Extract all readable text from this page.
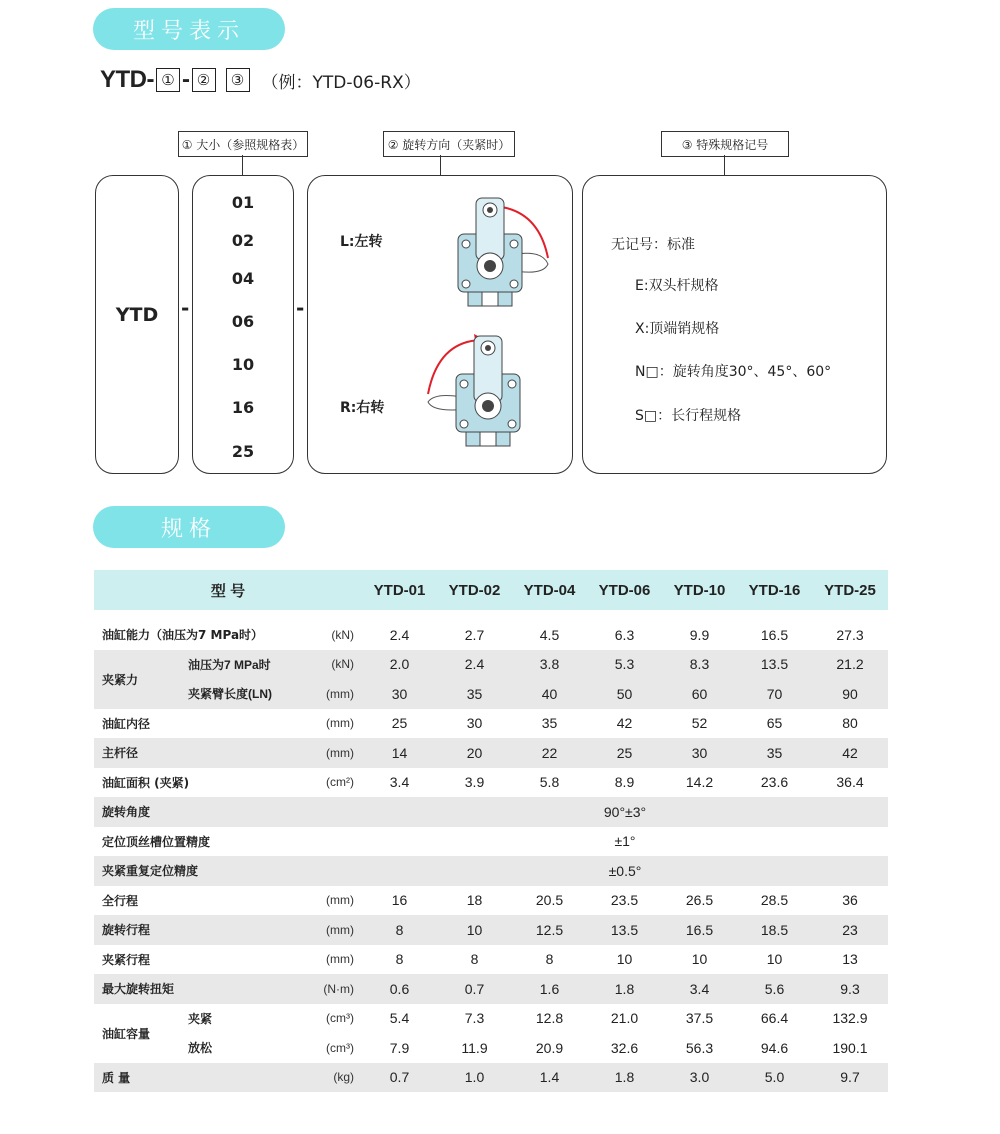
型号表示
YTD- ① - ②	③	（例：YTD-06-RX）
① 大小（参照规格表）	② 旋转方向（夹紧时）	③ 特殊规格记号
YTD	-
01
02
04
06
10
16
25
-
L:左转
R:右转
无记号：标准
E:双头杆规格
X:顶端销规格
N□：旋转角度30°、45°、60°
S□：长行程规格
规格
型 号			YTD-01	YTD-02	YTD-04	YTD-06	YTD-10	YTD-16	YTD-25

油缸能力（油压为7 MPa时）		(kN)	2.4	2.7	4.5	6.3	9.9	16.5	27.3
夹紧力	油压为7 MPa时	(kN)	2.0	2.4	3.8	5.3	8.3	13.5	21.2
	夹紧臂长度(LN)	(mm)	30	35	40	50	60	70	90
油缸内径		(mm)	25	30	35	42	52	65	80
主杆径		(mm)	14	20	22	25	30	35	42
油缸面积 (夹紧)		(cm²)	3.4	3.9	5.8	8.9	14.2	23.6	36.4
旋转角度			90°±3°						
定位顶丝槽位置精度			±1°						
夹紧重复定位精度			±0.5°						
全行程		(mm)	16	18	20.5	23.5	26.5	28.5	36
旋转行程		(mm)	8	10	12.5	13.5	16.5	18.5	23
夹紧行程		(mm)	8	8	8	10	10	10	13
最大旋转扭矩		(N·m)	0.6	0.7	1.6	1.8	3.4	5.6	9.3
油缸容量	夹紧	(cm³)	5.4	7.3	12.8	21.0	37.5	66.4	132.9
	放松	(cm³)	7.9	11.9	20.9	32.6	56.3	94.6	190.1
质 量		(kg)	0.7	1.0	1.4	1.8	3.0	5.0	9.7
